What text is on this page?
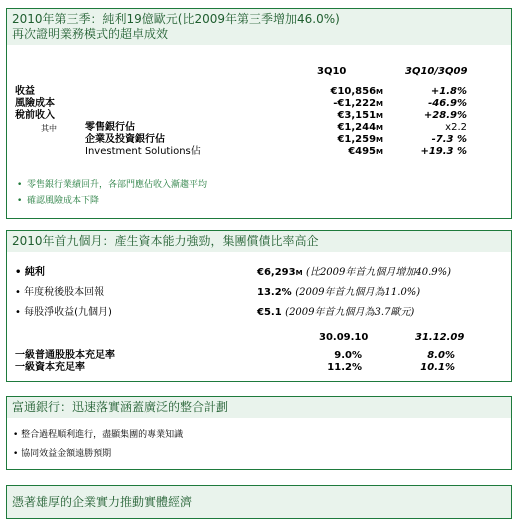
2010年第三季：純利19億歐元(比2009年第三季增加46.0%)
再次證明業務模式的超卓成效
3Q10	3Q10/3Q09
收益	€10,856M	+1.8%
風險成本	-€1,222M	-46.9%
稅前收入	€3,151M	+28.9%
其中	零售銀行佔	€1,244M	x2.2
企業及投資銀行佔	€1,259M	-7.3 %
Investment Solutions佔	€495M	+19.3 %
• 零售銀行業績回升，各部門應佔收入漸趨平均
• 確認風險成本下降
2010年首九個月：產生資本能力強勁，集團償債比率高企
• 純利	€6,293M (比2009年首九個月增加40.9%)
• 年度稅後股本回報	13.2% (2009年首九個月為11.0%)
• 每股淨收益(九個月)	€5.1 (2009年首九個月為3.7歐元)
30.09.10	31.12.09
一級普通股股本充足率	9.0%	8.0%
一級資本充足率	11.2%	10.1%
富通銀行：迅速落實涵蓋廣泛的整合計劃
• 整合過程順利進行，盡顯集團的專業知識
• 協同效益金額遠勝預期
憑著雄厚的企業實力推動實體經濟
